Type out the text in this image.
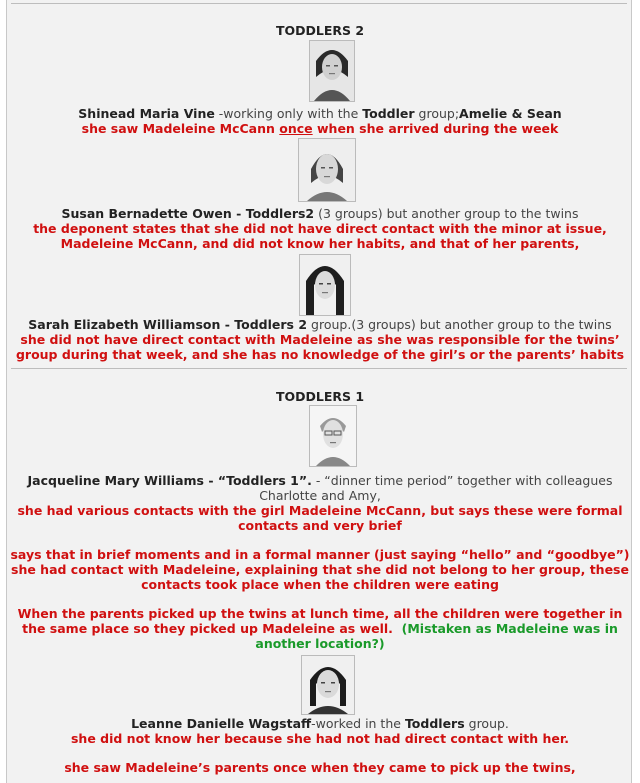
TODDLERS 2
Shinead Maria Vine -working only with the Toddler group;Amelie & Sean
she saw Madeleine McCann once when she arrived during the week
Susan Bernadette Owen - Toddlers2 (3 groups) but another group to the twins
the deponent states that she did not have direct contact with the minor at issue,
Madeleine McCann, and did not know her habits, and that of her parents,
Sarah Elizabeth Williamson - Toddlers 2 group.(3 groups) but another group to the twins
she did not have direct contact with Madeleine as she was responsible for the twins’
group during that week, and she has no knowledge of the girl’s or the parents’ habits
TODDLERS 1
Jacqueline Mary Williams - “Toddlers 1”. - “dinner time period” together with colleagues
Charlotte and Amy,
she had various contacts with the girl Madeleine McCann, but says these were formal
contacts and very brief
says that in brief moments and in a formal manner (just saying “hello” and “goodbye”)
she had contact with Madeleine, explaining that she did not belong to her group, these
contacts took place when the children were eating
When the parents picked up the twins at lunch time, all the children were together in
the same place so they picked up Madeleine as well. (Mistaken as Madeleine was in
another location?)
Leanne Danielle Wagstaff-worked in the Toddlers group.
she did not know her because she had not had direct contact with her.
she saw Madeleine’s parents once when they came to pick up the twins,
